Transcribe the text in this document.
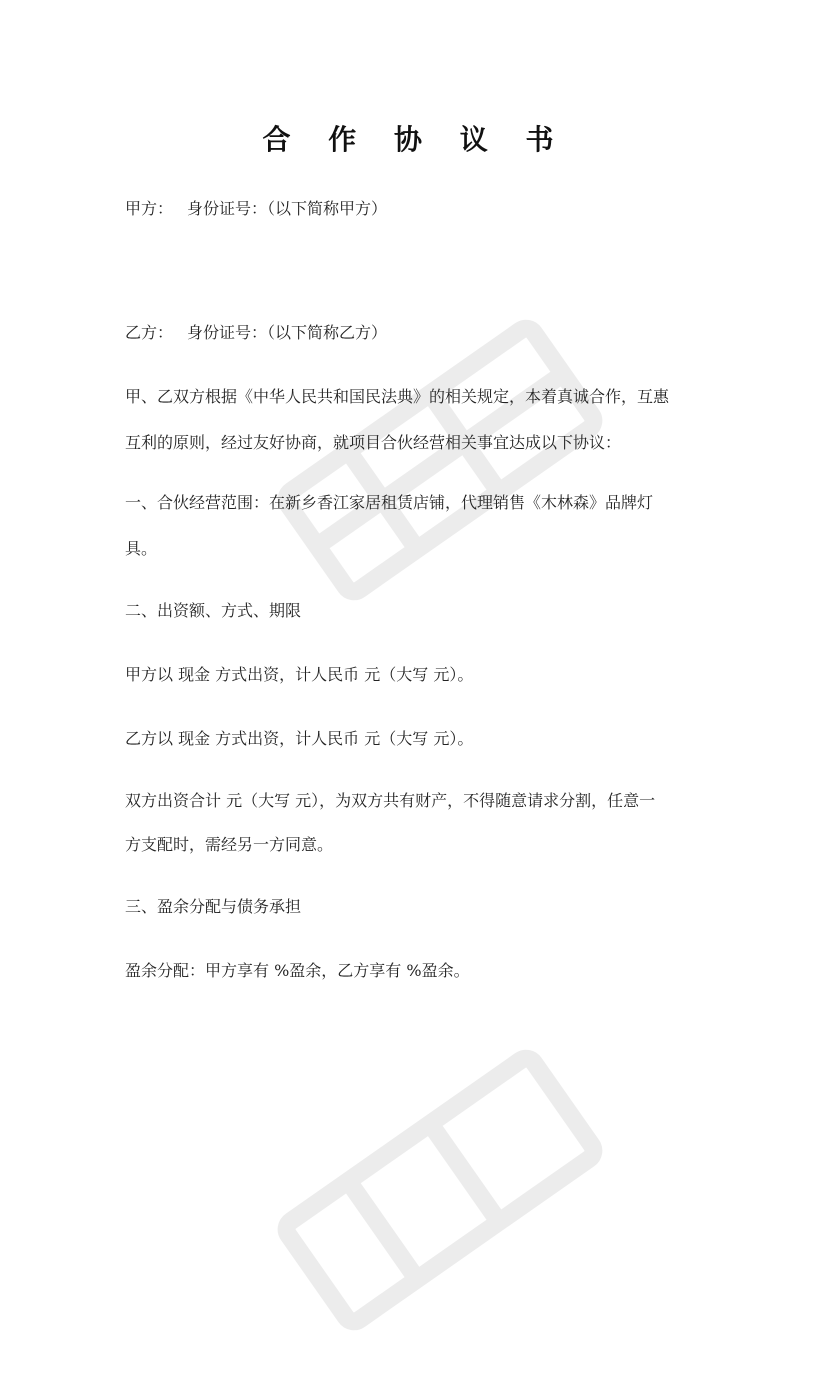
合 作 协 议 书
甲方： 身份证号：（以下简称甲方）
乙方： 身份证号：（以下简称乙方）
甲、乙双方根据《中华人民共和国民法典》的相关规定，本着真诚合作，互惠
互利的原则，经过友好协商，就项目合伙经营相关事宜达成以下协议：
一、合伙经营范围：在新乡香江家居租赁店铺，代理销售《木林森》品牌灯
具。
二、出资额、方式、期限
甲方以 现金 方式出资，计人民币 元（大写 元）。
乙方以 现金 方式出资，计人民币 元（大写 元）。
双方出资合计 元（大写 元），为双方共有财产，不得随意请求分割，任意一
方支配时，需经另一方同意。
三、盈余分配与债务承担
盈余分配：甲方享有 %盈余，乙方享有 %盈余。
